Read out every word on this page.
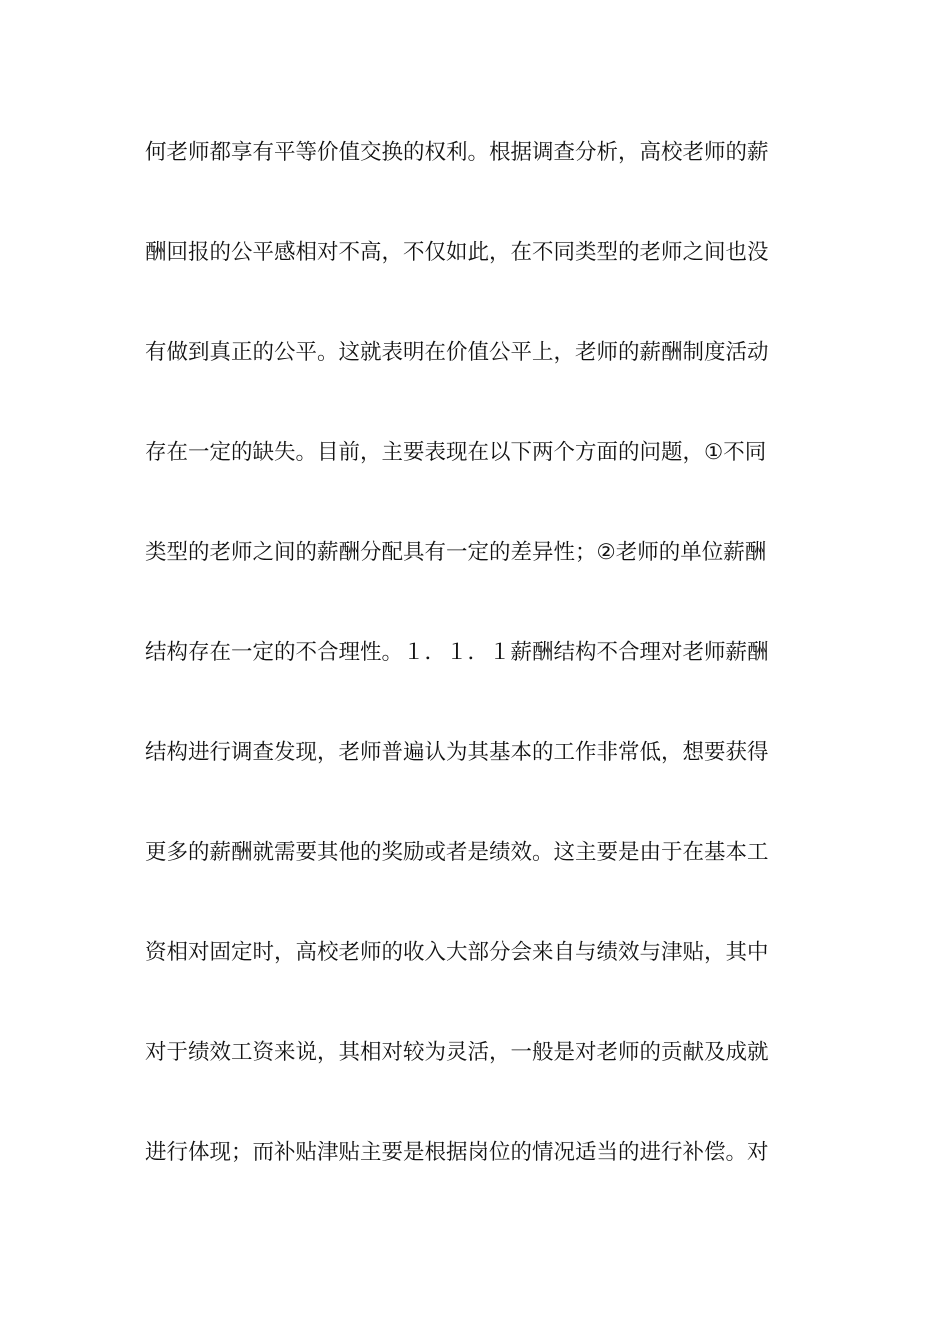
何老师都享有平等价值交换的权利。根据调查分析，高校老师的薪
酬回报的公平感相对不高，不仅如此，在不同类型的老师之间也没
有做到真正的公平。这就表明在价值公平上，老师的薪酬制度活动
存在一定的缺失。目前，主要表现在以下两个方面的问题，①不同
类型的老师之间的薪酬分配具有一定的差异性；②老师的单位薪酬
结构存在一定的不合理性。１．１．１薪酬结构不合理对老师薪酬
结构进行调查发现，老师普遍认为其基本的工作非常低，想要获得
更多的薪酬就需要其他的奖励或者是绩效。这主要是由于在基本工
资相对固定时，高校老师的收入大部分会来自与绩效与津贴，其中
对于绩效工资来说，其相对较为灵活，一般是对老师的贡献及成就
进行体现；而补贴津贴主要是根据岗位的情况适当的进行补偿。对
